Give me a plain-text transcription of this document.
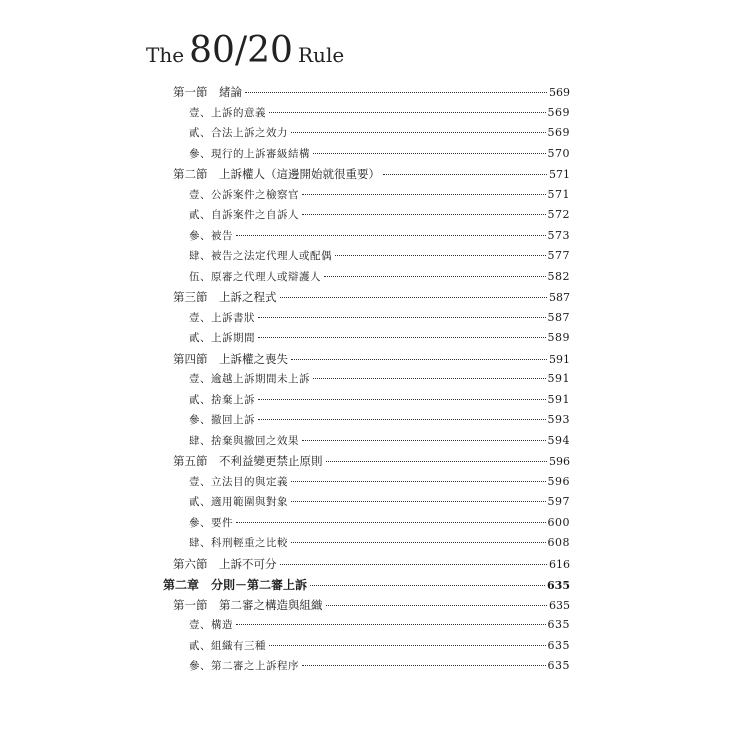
The 80/20 Rule
第一節　緒論	569
壹、上訴的意義	569
貳、合法上訴之效力	569
參、現行的上訴審級結構	570
第二節　上訴權人（這邊開始就很重要）	571
壹、公訴案件之檢察官	571
貳、自訴案件之自訴人	572
參、被告	573
肆、被告之法定代理人或配偶	577
伍、原審之代理人或辯護人	582
第三節　上訴之程式	587
壹、上訴書狀	587
貳、上訴期間	589
第四節　上訴權之喪失	591
壹、逾越上訴期間未上訴	591
貳、捨棄上訴	591
參、撤回上訴	593
肆、捨棄與撤回之效果	594
第五節　不利益變更禁止原則	596
壹、立法目的與定義	596
貳、適用範圍與對象	597
參、要件	600
肆、科刑輕重之比較	608
第六節　上訴不可分	616
第二章　分則－第二審上訴	635
第一節　第二審之構造與組織	635
壹、構造	635
貳、組織有三種	635
參、第二審之上訴程序	635
